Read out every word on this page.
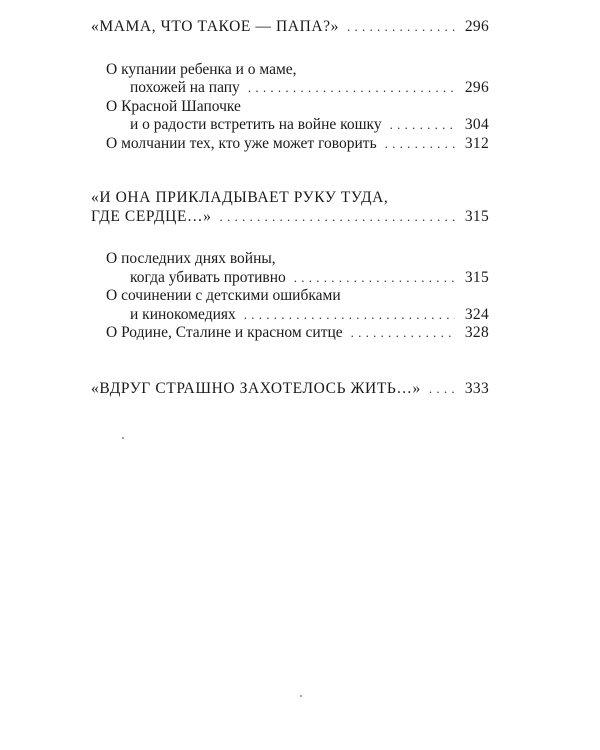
«МАМА, ЧТО ТАКОЕ — ПАПА?» . . .	296
О купании ребенка и о маме,
похожей на папу . . .	296
О Красной Шапочке
и о радости встретить на войне кошку . . .	304
О молчании тех, кто уже может говорить . . .	312
«И ОНА ПРИКЛАДЫВАЕТ РУКУ ТУДА,
ГДЕ СЕРДЦЕ…» . . .	315
О последних днях войны,
когда убивать противно . . .	315
О сочинении с детскими ошибками
и кинокомедиях . . .	324
О Родине, Сталине и красном ситце . . .	328
«ВДРУГ СТРАШНО ЗАХОТЕЛОСЬ ЖИТЬ…» . . .	333
